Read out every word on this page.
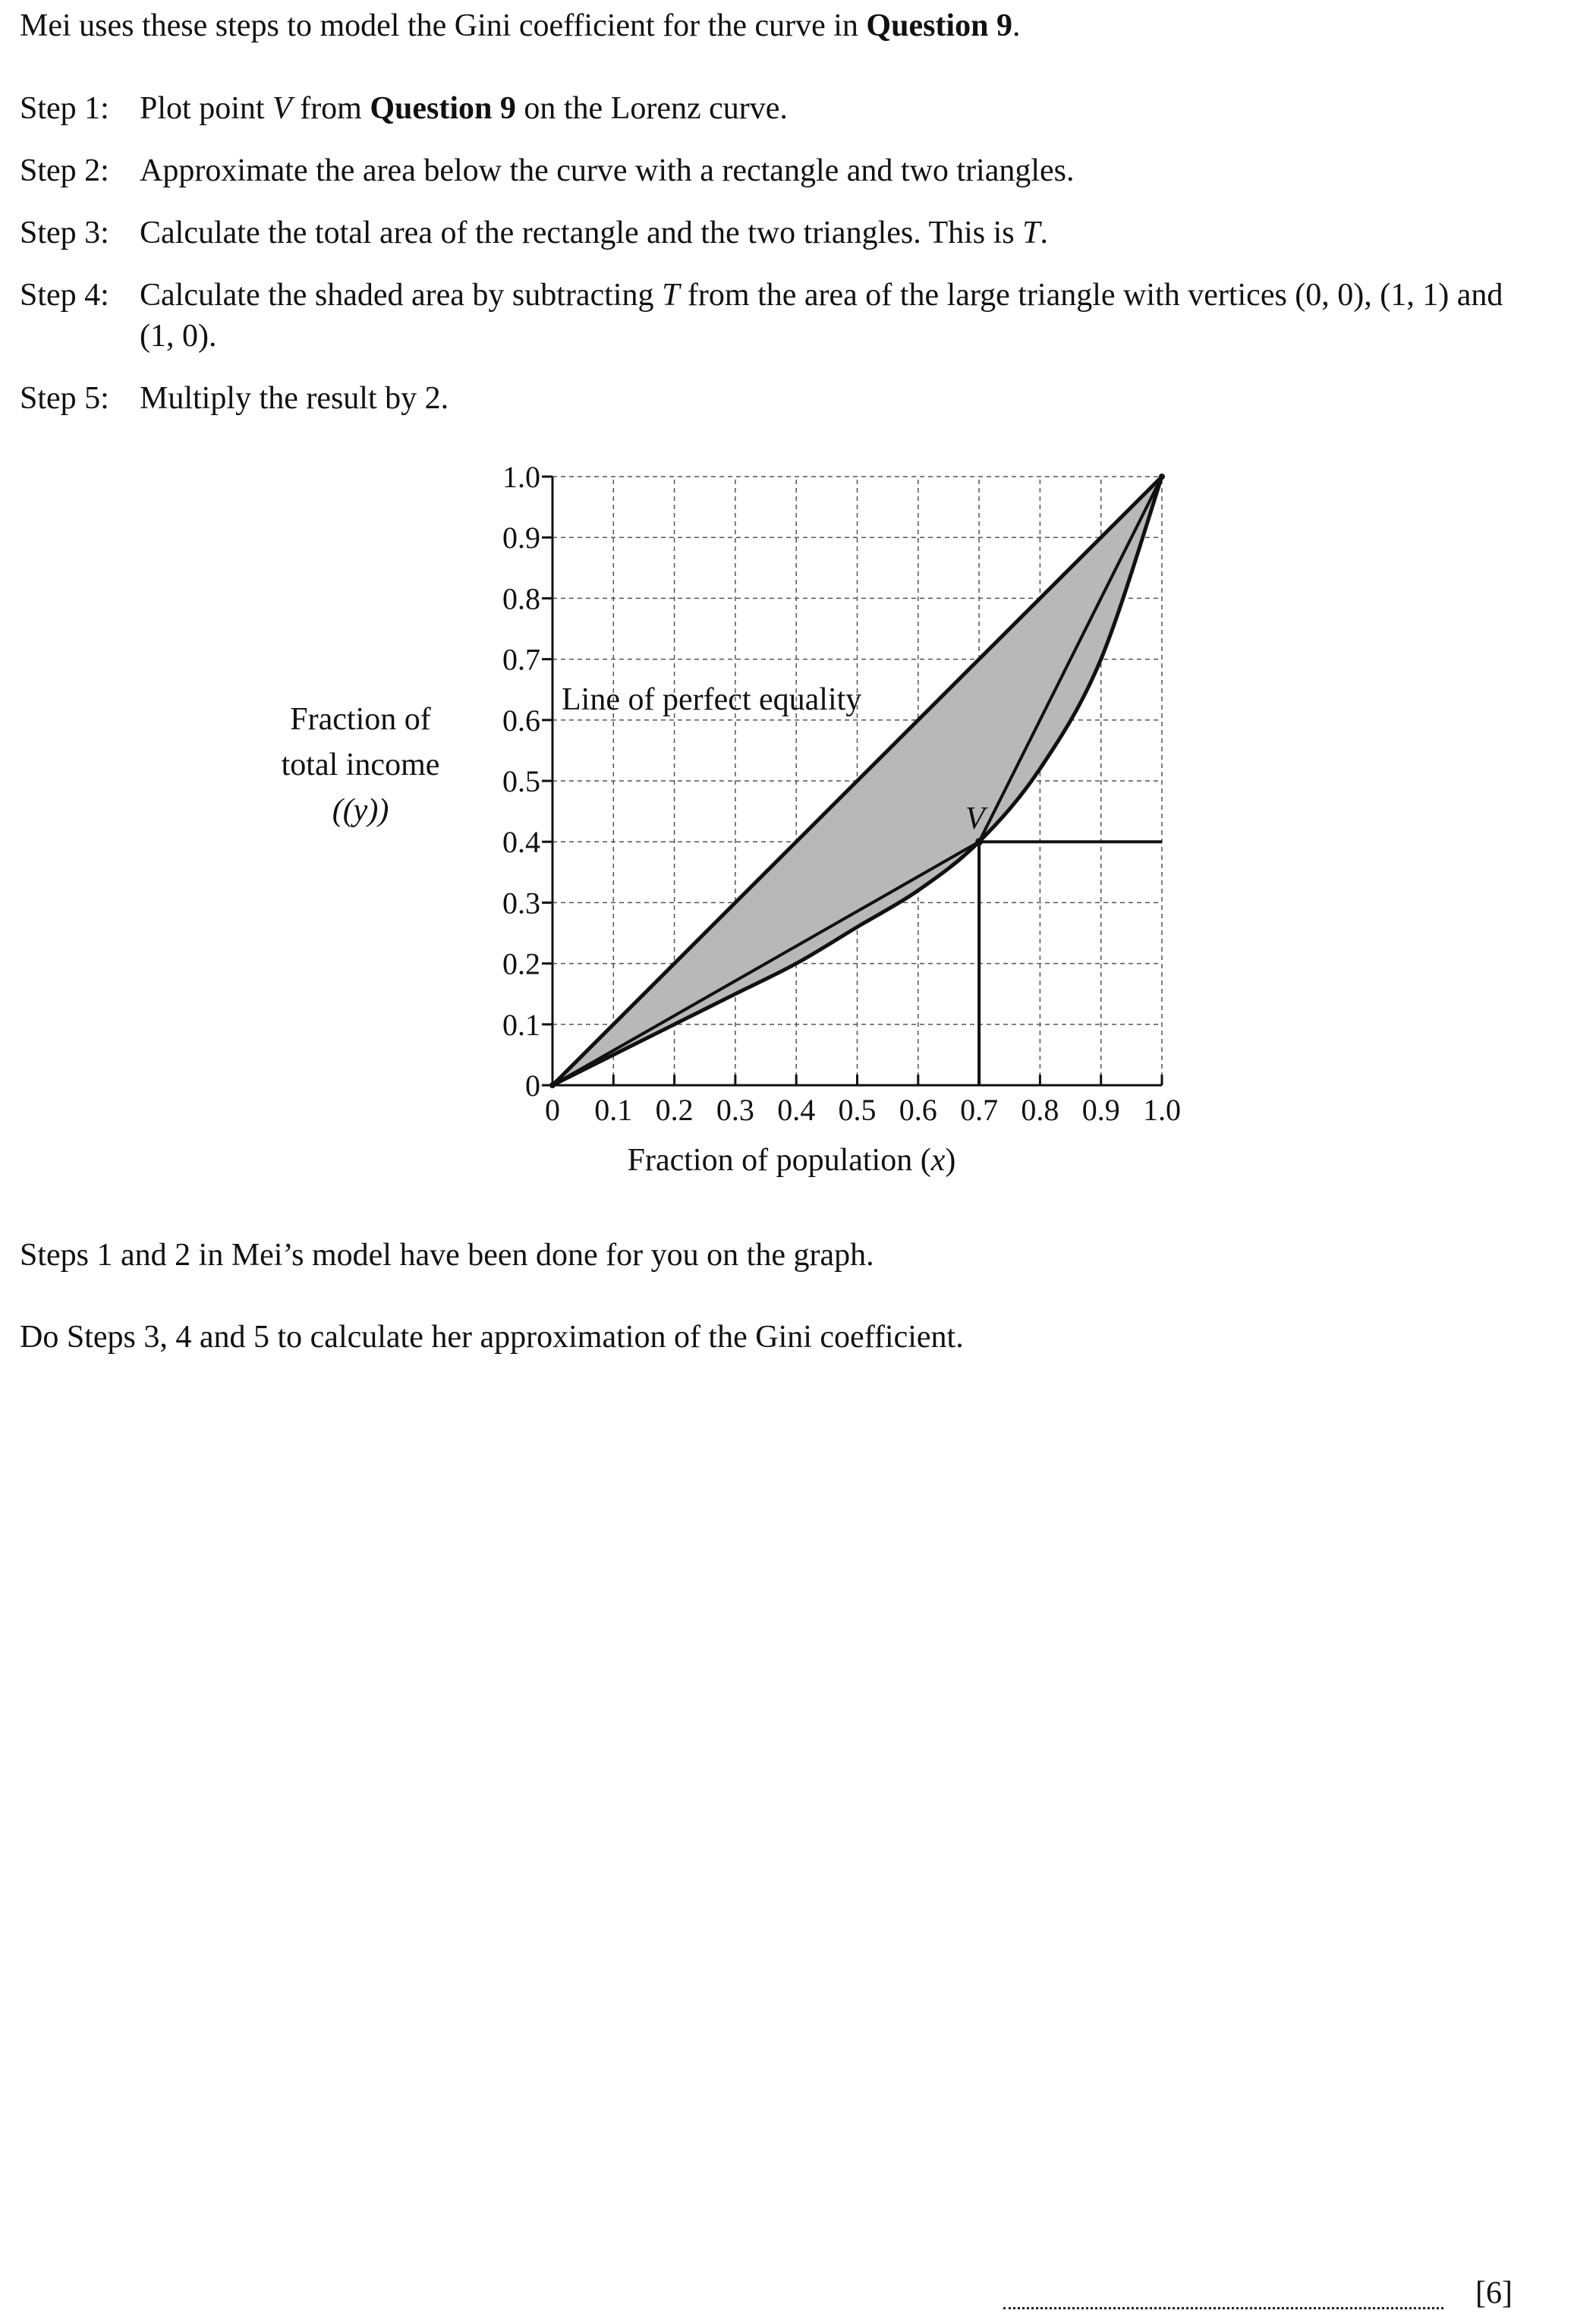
Mei uses these steps to model the Gini coefficient for the curve in Question 9.
Step 1: Plot point V from Question 9 on the Lorenz curve.
Step 2: Approximate the area below the curve with a rectangle and two triangles.
Step 3: Calculate the total area of the rectangle and the two triangles. This is T.
Step 4: Calculate the shaded area by subtracting T from the area of the large triangle with vertices (0, 0), (1, 1) and (1, 0).
Step 5: Multiply the result by 2.
Fraction of
total income
((y))
0 0.1 0.2 0.3 0.4 0.5 0.6 0.7 0.8 0.9 1.0
0
0.1
0.2
0.3
0.4
0.5
0.6
0.7
0.8
0.9
1.0
Line of perfect equality
V
Fraction of population (x)
Steps 1 and 2 in Mei’s model have been done for you on the graph.
Do Steps 3, 4 and 5 to calculate her approximation of the Gini coefficient.
[6]
